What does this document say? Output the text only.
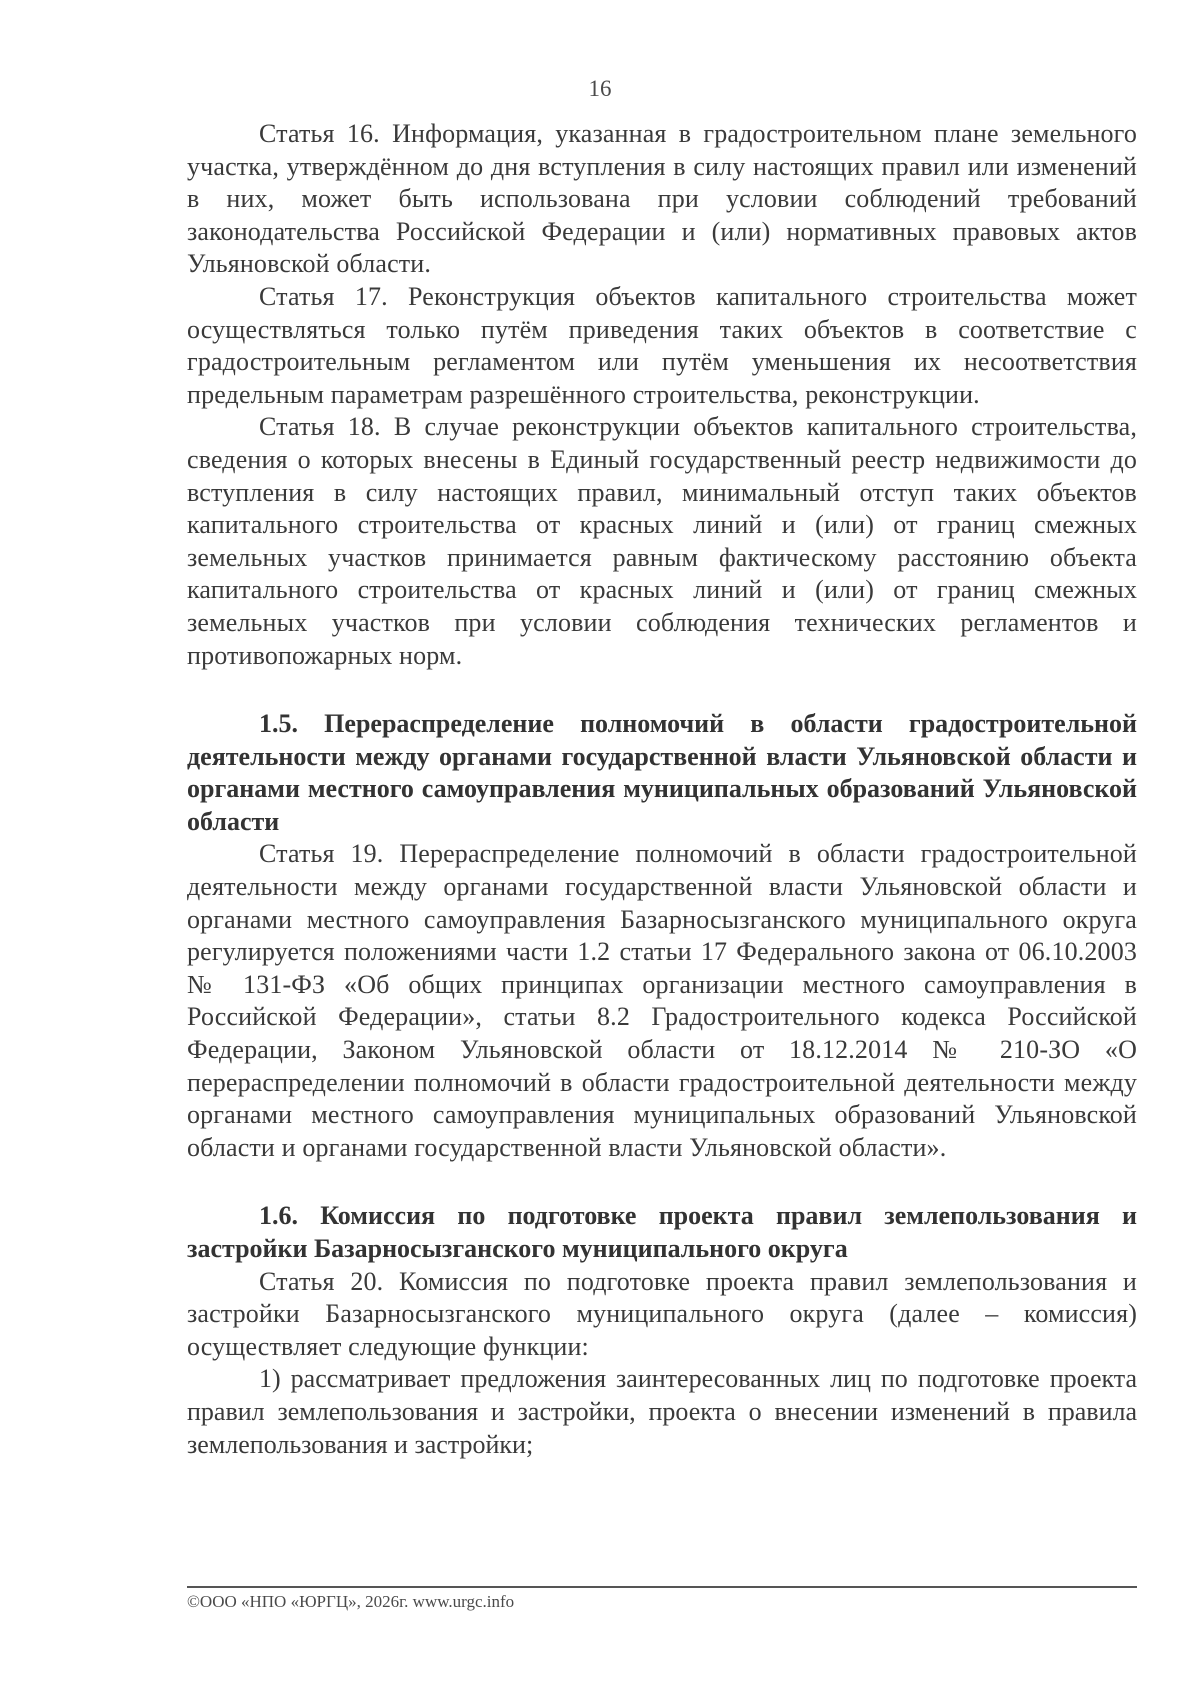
16

Статья 16. Информация, указанная в градостроительном плане земельного участка, утверждённом до дня вступления в силу настоящих правил или изменений в них, может быть использована при условии соблюдений требований законодательства Российской Федерации и (или) нормативных правовых актов Ульяновской области.

Статья 17. Реконструкция объектов капитального строительства может осуществляться только путём приведения таких объектов в соответствие с градостроительным регламентом или путём уменьшения их несоответствия предельным параметрам разрешённого строительства, реконструкции.

Статья 18. В случае реконструкции объектов капитального строительства, сведения о которых внесены в Единый государственный реестр недвижимости до вступления в силу настоящих правил, минимальный отступ таких объектов капитального строительства от красных линий и (или) от границ смежных земельных участков принимается равным фактическому расстоянию объекта капитального строительства от красных линий и (или) от границ смежных земельных участков при условии соблюдения технических регламентов и противопожарных норм.

1.5. Перераспределение полномочий в области градостроительной деятельности между органами государственной власти Ульяновской области и органами местного самоуправления муниципальных образований Ульяновской области

Статья 19. Перераспределение полномочий в области градостроительной деятельности между органами государственной власти Ульяновской области и органами местного самоуправления Базарносызганского муниципального округа регулируется положениями части 1.2 статьи 17 Федерального закона от 06.10.2003 № 131-ФЗ «Об общих принципах организации местного самоуправления в Российской Федерации», статьи 8.2 Градостроительного кодекса Российской Федерации, Законом Ульяновской области от 18.12.2014 № 210-ЗО «О перераспределении полномочий в области градостроительной деятельности между органами местного самоуправления муниципальных образований Ульяновской области и органами государственной власти Ульяновской области».

1.6. Комиссия по подготовке проекта правил землепользования и застройки Базарносызганского муниципального округа

Статья 20. Комиссия по подготовке проекта правил землепользования и застройки Базарносызганского муниципального округа (далее – комиссия) осуществляет следующие функции:

1) рассматривает предложения заинтересованных лиц по подготовке проекта правил землепользования и застройки, проекта о внесении изменений в правила землепользования и застройки;

©ООО «НПО «ЮРГЦ», 2026г. www.urgc.info
